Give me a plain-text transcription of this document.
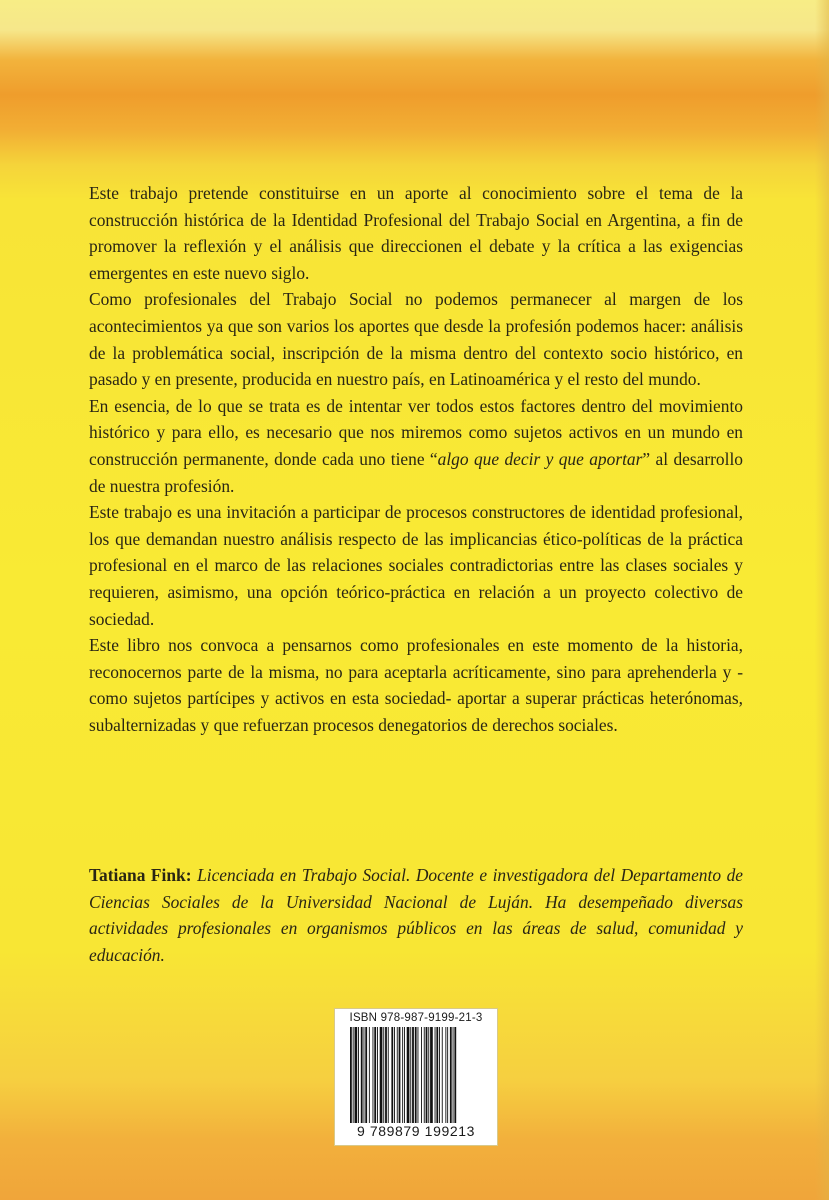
Este trabajo pretende constituirse en un aporte al conocimiento sobre el tema de la construcción histórica de la Identidad Profesional del Trabajo Social en Argentina, a fin de promover la reflexión y el análisis que direccionen el debate y la crítica a las exigencias emergentes en este nuevo siglo.

Como profesionales del Trabajo Social no podemos permanecer al margen de los acontecimientos ya que son varios los aportes que desde la profesión podemos hacer: análisis de la problemática social, inscripción de la misma dentro del contexto socio histórico, en pasado y en presente, producida en nuestro país, en Latinoamérica y el resto del mundo.

En esencia, de lo que se trata es de intentar ver todos estos factores dentro del movimiento histórico y para ello, es necesario que nos miremos como sujetos activos en un mundo en construcción permanente, donde cada uno tiene “algo que decir y que aportar” al desarrollo de nuestra profesión.

Este trabajo es una invitación a participar de procesos constructores de identidad profesional, los que demandan nuestro análisis respecto de las implicancias ético-políticas de la práctica profesional en el marco de las relaciones sociales contradictorias entre las clases sociales y requieren, asimismo, una opción teórico-práctica en relación a un proyecto colectivo de sociedad.

Este libro nos convoca a pensarnos como profesionales en este momento de la historia, reconocernos parte de la misma, no para aceptarla acríticamente, sino para aprehenderla y -como sujetos partícipes y activos en esta sociedad- aportar a superar prácticas heterónomas, subalternizadas y que refuerzan procesos denegatorios de derechos sociales.

Tatiana Fink: Licenciada en Trabajo Social. Docente e investigadora del Departamento de Ciencias Sociales de la Universidad Nacional de Luján. Ha desempeñado diversas actividades profesionales en organismos públicos en las áreas de salud, comunidad y educación.

ISBN 978-987-9199-21-3
9 789879 199213
